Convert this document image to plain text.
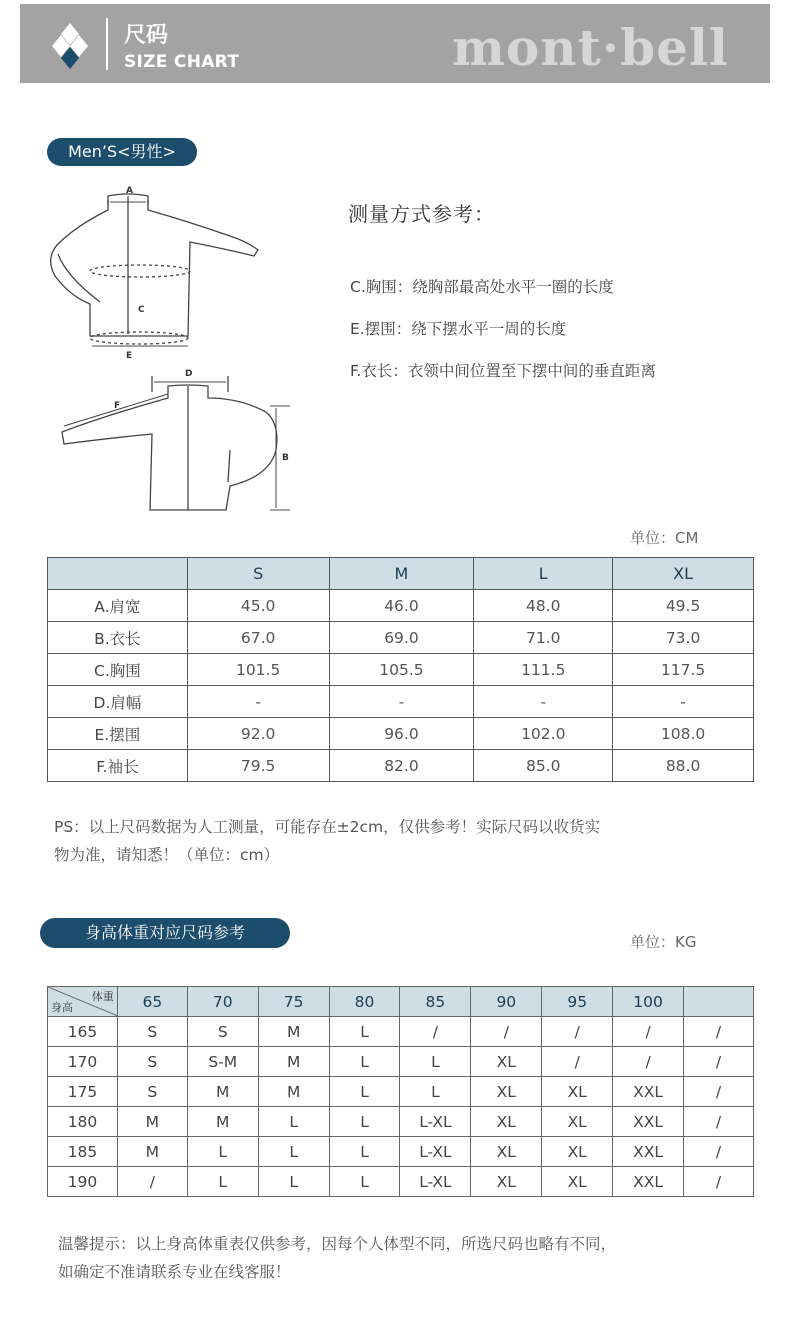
尺码
SIZE CHART	mont·bell
Men’S<男性>
A
C
E
D
F
B
测量方式参考：
C.胸围：绕胸部最高处水平一圈的长度
E.摆围：绕下摆水平一周的长度
F.衣长：衣领中间位置至下摆中间的垂直距离
单位：CM
	S	M	L	XL
A.肩宽	45.0	46.0	48.0	49.5
B.衣长	67.0	69.0	71.0	73.0
C.胸围	101.5	105.5	111.5	117.5
D.肩幅	-	-	-	-
E.摆围	92.0	96.0	102.0	108.0
F.袖长	79.5	82.0	85.0	88.0
PS：以上尺码数据为人工测量，可能存在±2cm，仅供参考！实际尺码以收货实
物为准，请知悉！（单位：cm）
身高体重对应尺码参考	单位：KG
体重
身高	65	70	75	80	85	90	95	100	
165	S	S	M	L	/	/	/	/	/
170	S	S-M	M	L	L	XL	/	/	/
175	S	M	M	L	L	XL	XL	XXL	/
180	M	M	L	L	L-XL	XL	XL	XXL	/
185	M	L	L	L	L-XL	XL	XL	XXL	/
190	/	L	L	L	L-XL	XL	XL	XXL	/
温馨提示：以上身高体重表仅供参考，因每个人体型不同，所选尺码也略有不同，
如确定不准请联系专业在线客服！
